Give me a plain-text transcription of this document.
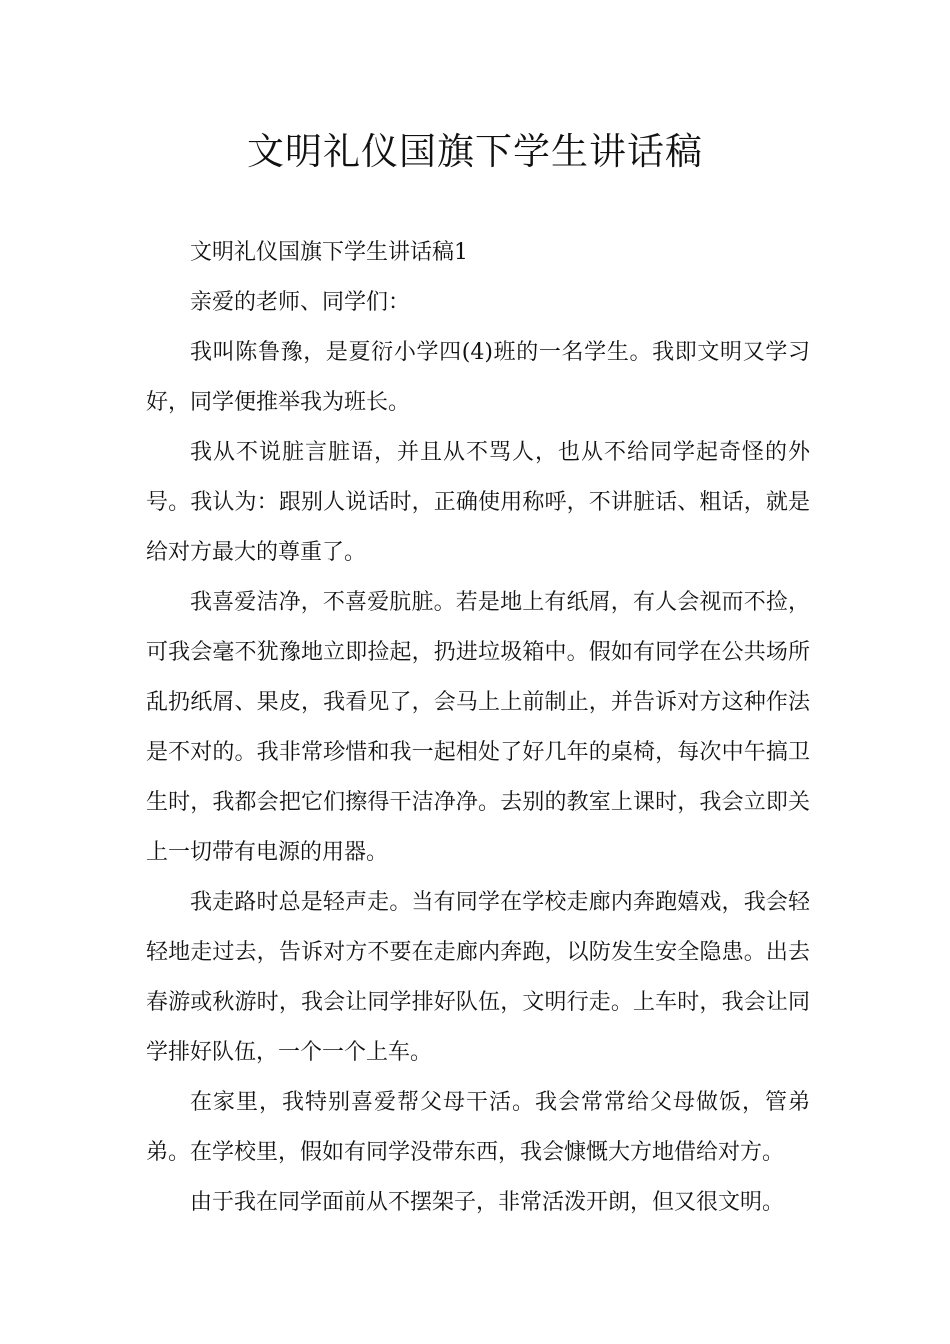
文明礼仪国旗下学生讲话稿

文明礼仪国旗下学生讲话稿1

亲爱的老师、同学们：

我叫陈鲁豫，是夏衍小学四(4)班的一名学生。我即文明又学习好，同学便推举我为班长。

我从不说脏言脏语，并且从不骂人，也从不给同学起奇怪的外号。我认为：跟别人说话时，正确使用称呼，不讲脏话、粗话，就是给对方最大的尊重了。

我喜爱洁净，不喜爱肮脏。若是地上有纸屑，有人会视而不捡，可我会毫不犹豫地立即捡起，扔进垃圾箱中。假如有同学在公共场所乱扔纸屑、果皮，我看见了，会马上上前制止，并告诉对方这种作法是不对的。我非常珍惜和我一起相处了好几年的桌椅，每次中午搞卫生时，我都会把它们擦得干洁净净。去别的教室上课时，我会立即关上一切带有电源的用器。

我走路时总是轻声走。当有同学在学校走廊内奔跑嬉戏，我会轻轻地走过去，告诉对方不要在走廊内奔跑，以防发生安全隐患。出去春游或秋游时，我会让同学排好队伍，文明行走。上车时，我会让同学排好队伍，一个一个上车。

在家里，我特别喜爱帮父母干活。我会常常给父母做饭，管弟弟。在学校里，假如有同学没带东西，我会慷慨大方地借给对方。

由于我在同学面前从不摆架子，非常活泼开朗，但又很文明。
